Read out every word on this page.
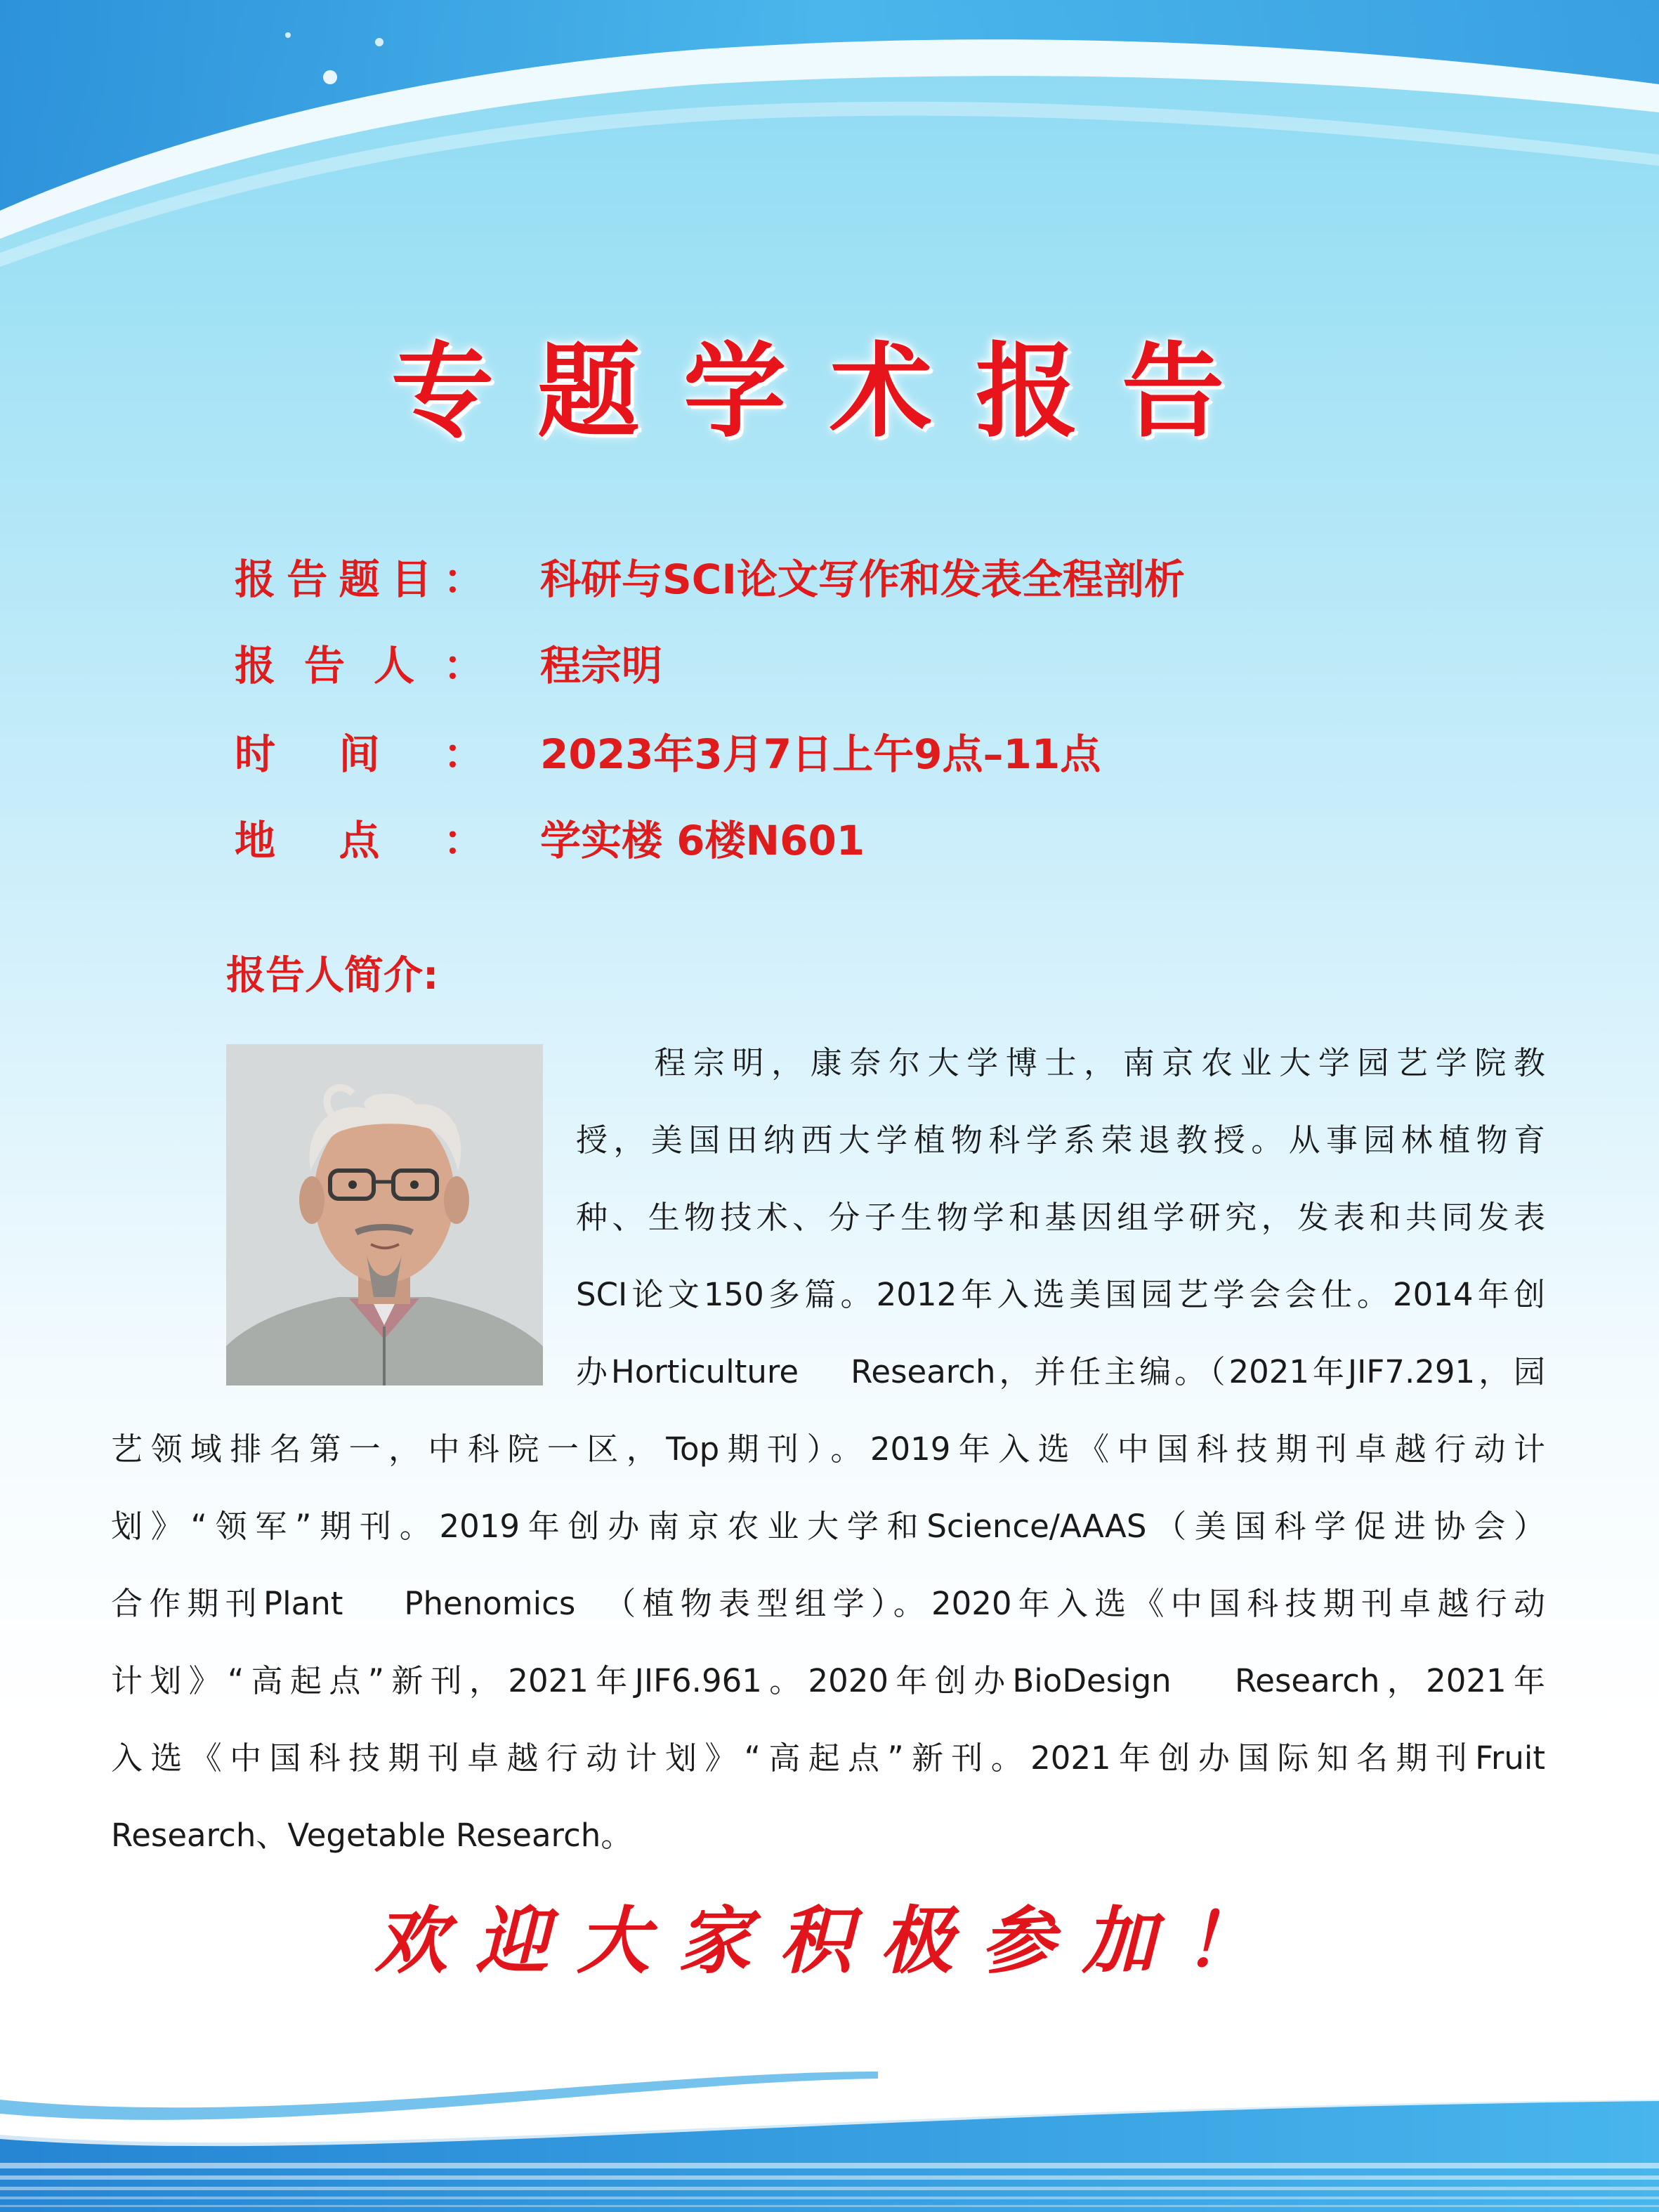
专题学术报告
报 告 题 目 ： 科研与SCI论文写作和发表全程剖析
报 告 人 ： 程宗明
时 间 ： 2023年3月7日上午9点–11点
地 点 ： 学实楼 6楼N601
报告人简介:
　　程宗明，康奈尔大学博士，南京农业大学园艺学院教
授，美国田纳西大学植物科学系荣退教授。从事园林植物育
种、生物技术、分子生物学和基因组学研究，发表和共同发表
SCI论文150多篇。2012年入选美国园艺学会会仕。2014年创
办Horticulture　 Research，并任主编。（2021年JIF7.291，园
艺领域排名第一，中科院一区，Top期刊）。2019年入选《中国科技期刊卓越行动计
划》“领军”期刊。2019年创办南京农业大学和Science/AAAS（美国科学促进协会）
合作期刊Plant　 Phenomics　（植物表型组学）。2020年入选《中国科技期刊卓越行动
计划》“高起点”新刊，2021年JIF6.961。2020年创办BioDesign　 Research，2021年
入选《中国科技期刊卓越行动计划》“高起点”新刊。2021年创办国际知名期刊Fruit
Research、Vegetable Research。
欢迎大家积极参加！
